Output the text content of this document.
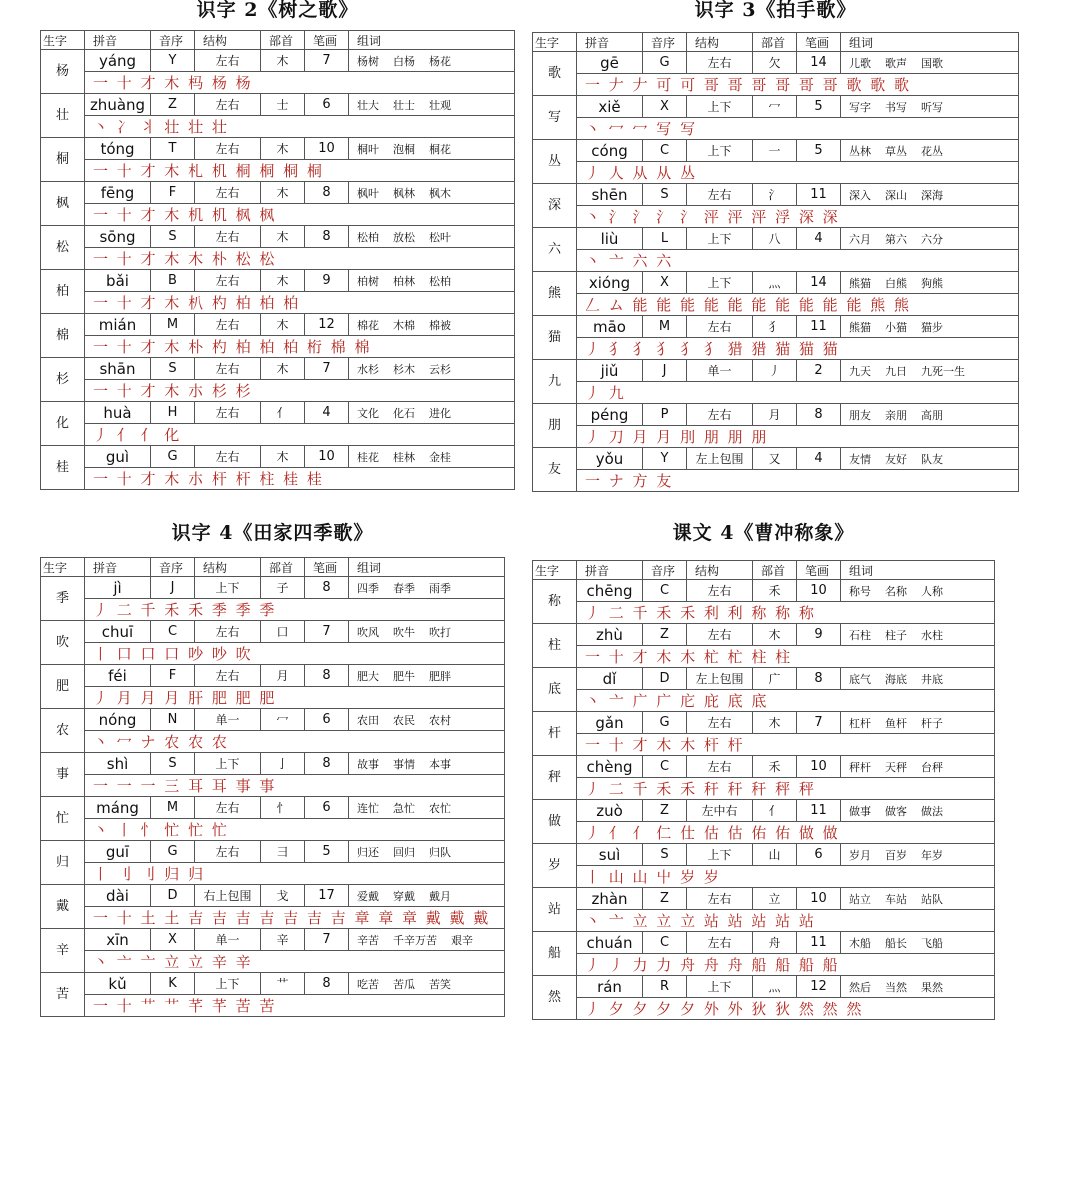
识字 2《树之歌》
生字	拼音	音序	结构	部首	笔画	组词
杨	yáng	Y	左右	木	7	杨树 白杨 杨花
	一 十 才 木 杩 杨 杨					
壮	zhuàng	Z	左右	士	6	壮大 壮士 壮观
	丶 冫 丬 壮 壮 壮					
桐	tóng	T	左右	木	10	桐叶 泡桐 桐花
	一 十 才 木 札 机 桐 桐 桐 桐					
枫	fēng	F	左右	木	8	枫叶 枫林 枫木
	一 十 才 木 机 机 枫 枫					
松	sōng	S	左右	木	8	松柏 放松 松叶
	一 十 才 木 木 朴 松 松					
柏	bǎi	B	左右	木	9	柏树 柏林 松柏
	一 十 才 木 朳 杓 柏 柏 柏					
棉	mián	M	左右	木	12	棉花 木棉 棉被
	一 十 才 木 朴 杓 柏 柏 柏 桁 棉 棉					
杉	shān	S	左右	木	7	水杉 杉木 云杉
	一 十 才 木 朩 杉 杉					
化	huà	H	左右	亻	4	文化 化石 进化
	丿 亻 亻 化					
桂	guì	G	左右	木	10	桂花 桂林 金桂
	一 十 才 木 朩 杆 杆 柱 桂 桂					
识字 3《拍手歌》
生字	拼音	音序	结构	部首	笔画	组词
歌	gē	G	左右	欠	14	儿歌 歌声 国歌
	一 𠂇 𠂇 可 可 哥 哥 哥 哥 哥 哥 歌 歌 歌					
写	xiě	X	上下	冖	5	写字 书写 听写
	丶 冖 冖 写 写					
丛	cóng	C	上下	一	5	丛林 草丛 花丛
	丿 人 从 从 丛					
深	shēn	S	左右	氵	11	深入 深山 深海
	丶 氵 氵 氵 氵 泙 泙 泙 浮 深 深					
六	liù	L	上下	八	4	六月 第六 六分
	丶 亠 六 六					
熊	xióng	X	上下	灬	14	熊猫 白熊 狗熊
	𠃋 ム 能 能 能 能 能 能 能 能 能 能 熊 熊					
猫	māo	M	左右	犭	11	熊猫 小猫 猫步
	丿 犭 犭 犭 犭 犭 猎 猎 猫 猫 猫					
九	jiǔ	J	单一	丿	2	九天 九日 九死一生
	丿 九					
朋	péng	P	左右	月	8	朋友 亲朋 高朋
	丿 刀 月 月 刖 朋 朋 朋					
友	yǒu	Y	左上包围	又	4	友情 友好 队友
	一 ナ 方 友					
识字 4《田家四季歌》
生字	拼音	音序	结构	部首	笔画	组词
季	jì	J	上下	子	8	四季 春季 雨季
	丿 二 千 禾 禾 季 季 季					
吹	chuī	C	左右	口	7	吹风 吹牛 吹打
	丨 口 口 口 吵 吵 吹					
肥	féi	F	左右	月	8	肥大 肥牛 肥胖
	丿 月 月 月 肝 肥 肥 肥					
农	nóng	N	单一	冖	6	农田 农民 农村
	丶 冖 ナ 农 农 农					
事	shì	S	上下	亅	8	故事 事情 本事
	一 一 一 三 耳 耳 事 事					
忙	máng	M	左右	忄	6	连忙 急忙 农忙
	丶 丨 忄 忙 忙 忙					
归	guī	G	左右	彐	5	归还 回归 归队
	丨 刂 刂 归 归					
戴	dài	D	右上包围	戈	17	爱戴 穿戴 戴月
	一 十 土 土 吉 吉 吉 吉 吉 吉 吉 章 章 章 戴 戴 戴					
辛	xīn	X	单一	辛	7	辛苦 千辛万苦 艰辛
	丶 亠 亠 立 立 辛 辛					
苦	kǔ	K	上下	艹	8	吃苦 苦瓜 苦笑
	一 十 艹 艹 芊 芊 苦 苦					
课文 4《曹冲称象》
生字	拼音	音序	结构	部首	笔画	组词
称	chēng	C	左右	禾	10	称号 名称 人称
	丿 二 千 禾 禾 利 利 称 称 称					
柱	zhù	Z	左右	木	9	石柱 柱子 水柱
	一 十 才 木 木 杧 杧 柱 柱					
底	dǐ	D	左上包围	广	8	底气 海底 井底
	丶 亠 广 广 庀 庇 底 底					
杆	gǎn	G	左右	木	7	杠杆 鱼杆 杆子
	一 十 才 木 木 杆 杆					
秤	chèng	C	左右	禾	10	秤杆 天秤 台秤
	丿 二 千 禾 禾 秆 秆 秆 秤 秤					
做	zuò	Z	左中右	亻	11	做事 做客 做法
	丿 亻 亻 仁 仕 估 估 佑 佑 做 做					
岁	suì	S	上下	山	6	岁月 百岁 年岁
	丨 山 山 屮 岁 岁					
站	zhàn	Z	左右	立	10	站立 车站 站队
	丶 亠 立 立 立 站 站 站 站 站					
船	chuán	C	左右	舟	11	木船 船长 飞船
	丿 丿 力 力 舟 舟 舟 船 船 船 船					
然	rán	R	上下	灬	12	然后 当然 果然
	丿 夕 夕 夕 夕 外 外 狄 狄 然 然 然					
